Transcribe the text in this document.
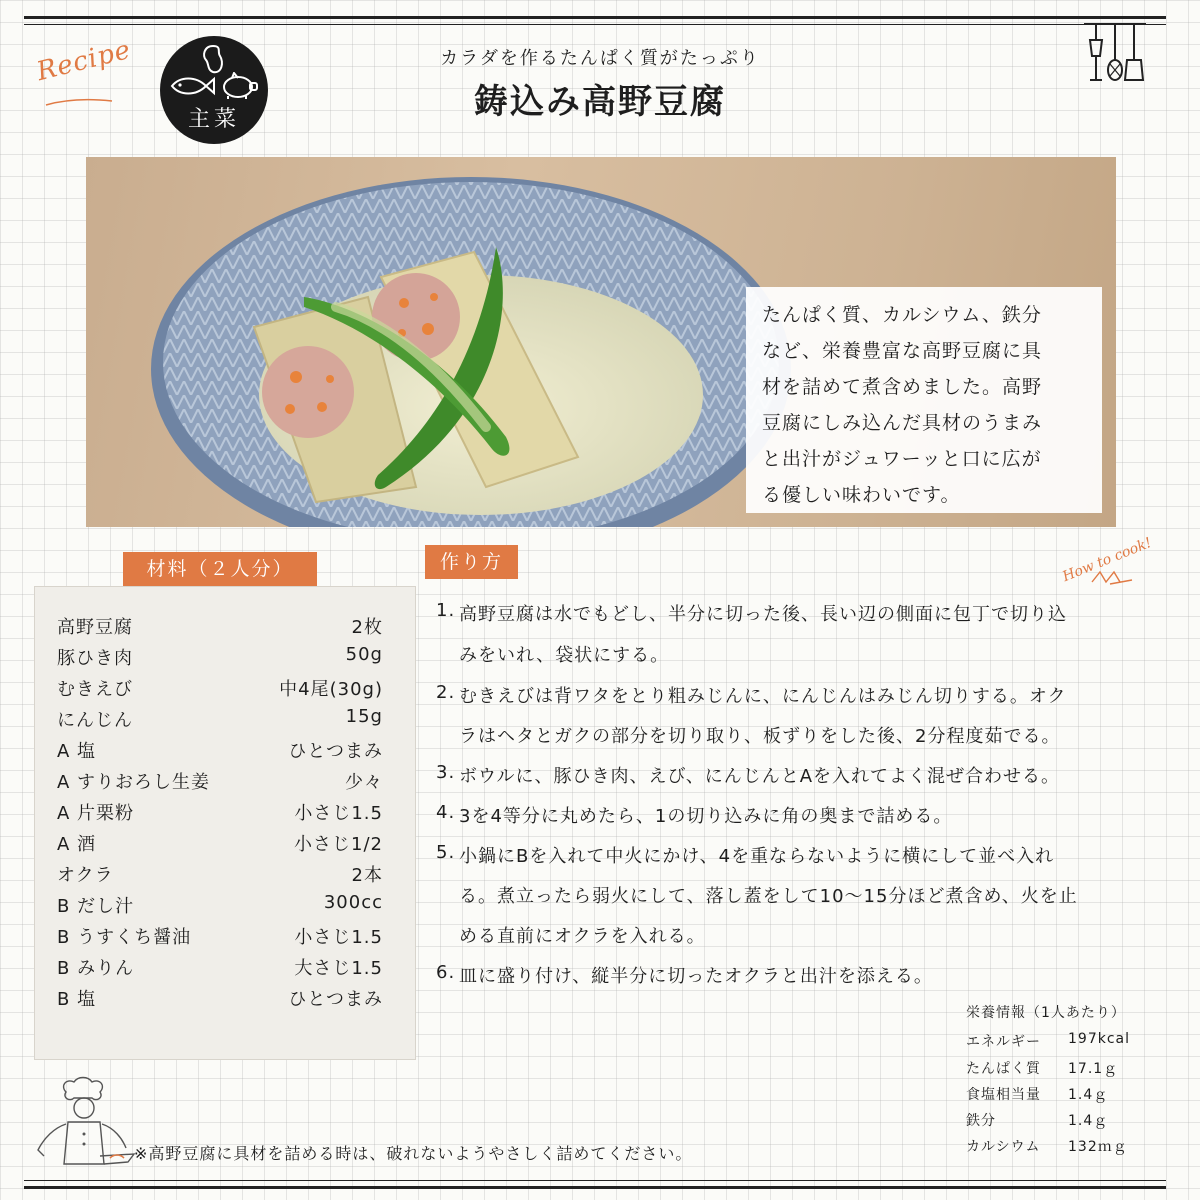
Recipe
主菜
カラダを作るたんぱく質がたっぷり
鋳込み高野豆腐
たんぱく質、カルシウム、鉄分
など、栄養豊富な高野豆腐に具
材を詰めて煮含めました。高野
豆腐にしみ込んだ具材のうまみ
と出汁がジュワーッと口に広が
る優しい味わいです。
高野豆腐	2枚
豚ひき肉	50g
むきえび	中4尾(30g)
にんじん	15g
A 塩	ひとつまみ
A すりおろし生姜	少々
A 片栗粉	小さじ1.5
A 酒	小さじ1/2
オクラ	2本
B だし汁	300cc
B うすくち醤油	小さじ1.5
B みりん	大さじ1.5
B 塩	ひとつまみ
材料（２人分）	作り方	How to cook!
1. 高野豆腐は水でもどし、半分に切った後、長い辺の側面に包丁で切り込
みをいれ、袋状にする。
2. むきえびは背ワタをとり粗みじんに、にんじんはみじん切りする。オク
ラはヘタとガクの部分を切り取り、板ずりをした後、2分程度茹でる。
3. ボウルに、豚ひき肉、えび、にんじんとAを入れてよく混ぜ合わせる。
4. 3を4等分に丸めたら、1の切り込みに角の奥まで詰める。
5. 小鍋にBを入れて中火にかけ、4を重ならないように横にして並べ入れ
る。煮立ったら弱火にして、落し蓋をして10～15分ほど煮含め、火を止
める直前にオクラを入れる。
6. 皿に盛り付け、縦半分に切ったオクラと出汁を添える。
栄養情報（1人あたり）
エネルギー 197kcal
たんぱく質 17.1ｇ
食塩相当量 1.4ｇ
鉄分	1.4ｇ
カルシウム 132ｍｇ
※高野豆腐に具材を詰める時は、破れないようやさしく詰めてください。
